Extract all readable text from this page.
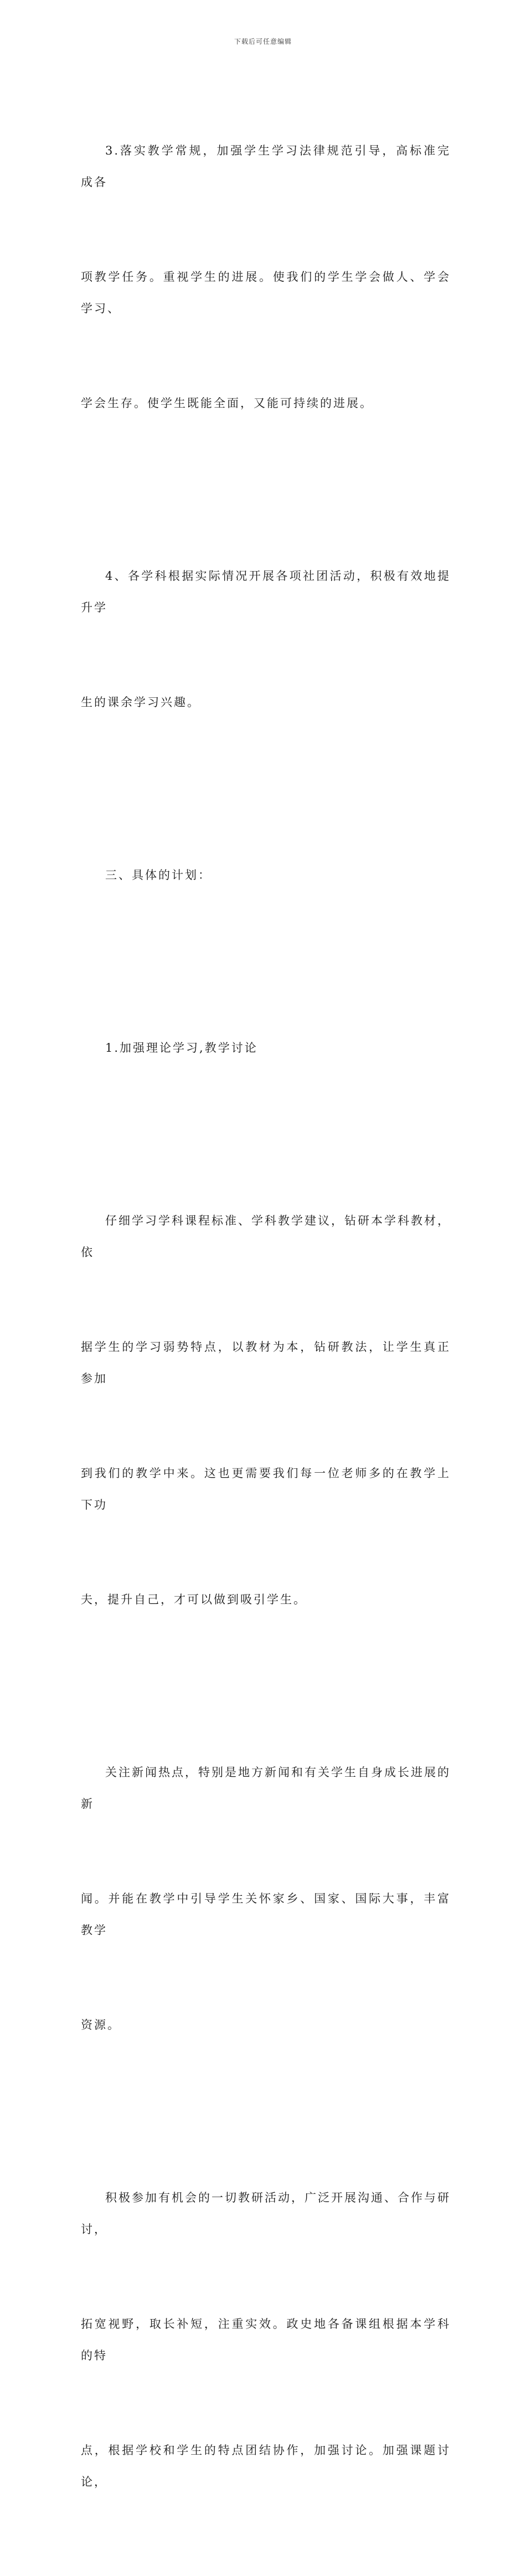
下载后可任意编辑

3.落实教学常规，加强学生学习法律规范引导，高标准完成各

项教学任务。重视学生的进展。使我们的学生学会做人、学会学习、

学会生存。使学生既能全面，又能可持续的进展。

4、各学科根据实际情况开展各项社团活动，积极有效地提升学

生的课余学习兴趣。

三、具体的计划：

1.加强理论学习,教学讨论

仔细学习学科课程标准、学科教学建议，钻研本学科教材，依

据学生的学习弱势特点，以教材为本，钻研教法，让学生真正参加

到我们的教学中来。这也更需要我们每一位老师多的在教学上下功

夫，提升自己，才可以做到吸引学生。

关注新闻热点，特别是地方新闻和有关学生自身成长进展的新

闻。并能在教学中引导学生关怀家乡、国家、国际大事，丰富教学

资源。

积极参加有机会的一切教研活动，广泛开展沟通、合作与研讨，

拓宽视野，取长补短，注重实效。政史地各备课组根据本学科的特

点，根据学校和学生的特点团结协作，加强讨论。加强课题讨论，
